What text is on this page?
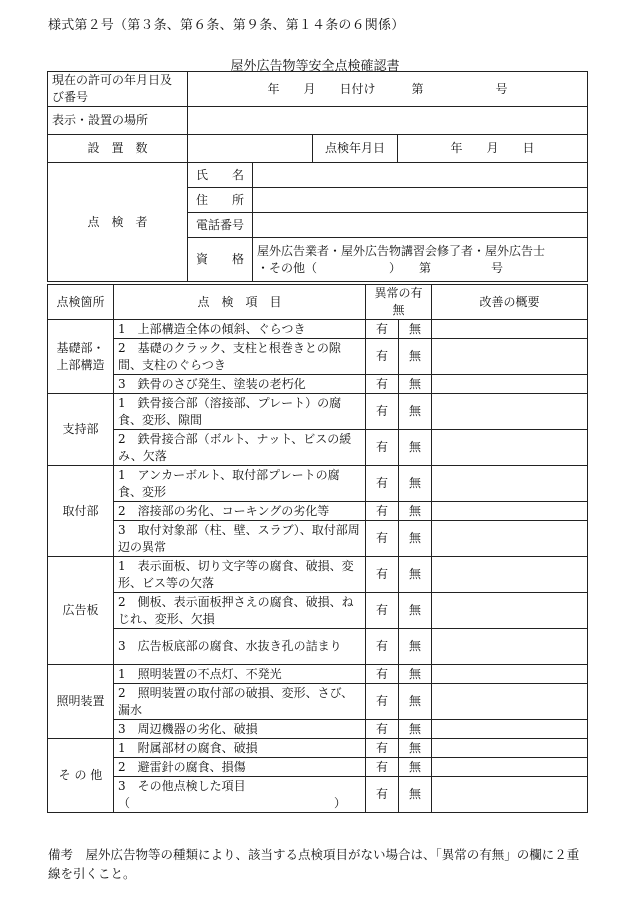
様式第２号（第３条、第６条、第９条、第１４条の６関係）
屋外広告物等安全点検確認書
現在の許可の年月日及び番号	年　　月　　日付け　　　第　　　　　　号			
表示・設置の場所				
設　置　数			点検年月日	年　　月　　日
点　検　者	氏　　名			
	住　　所			
	電話番号			
	資　　格	屋外広告業者・屋外広告物講習会修了者・屋外広告士
・その他（　　　　　　）　　第　　　　　号		
点検箇所	点　検　項　目	異常の有無		改善の概要
基礎部・上部構造	1　上部構造全体の傾斜、ぐらつき	有	無	
	2　基礎のクラック、支柱と根巻きとの隙間、支柱のぐらつき	有	無	
	3　鉄骨のさび発生、塗装の老朽化	有	無	
支持部	1　鉄骨接合部（溶接部、プレート）の腐食、変形、隙間	有	無	
	2　鉄骨接合部（ボルト、ナット、ビスの緩み、欠落	有	無	
取付部	1　アンカーボルト、取付部プレートの腐食、変形	有	無	
	2　溶接部の劣化、コーキングの劣化等	有	無	
	3　取付対象部（柱、壁、スラブ）、取付部周辺の異常	有	無	
広告板	1　表示面板、切り文字等の腐食、破損、変形、ビス等の欠落	有	無	
	2　側板、表示面板押さえの腐食、破損、ねじれ、変形、欠損	有	無	
	3　広告板底部の腐食、水抜き孔の詰まり	有	無	
照明装置	1　照明装置の不点灯、不発光	有	無	
	2　照明装置の取付部の破損、変形、さび、漏水	有	無	
	3　周辺機器の劣化、破損	有	無	
そ の 他	1　附属部材の腐食、破損	有	無	
	2　避雷針の腐食、損傷	有	無	
	3　その他点検した項目（　　　　　　　　　　　　　　　　　）	有	無	
備考　屋外広告物等の種類により、該当する点検項目がない場合は、「異常の有無」の欄に２重線を引くこと。
